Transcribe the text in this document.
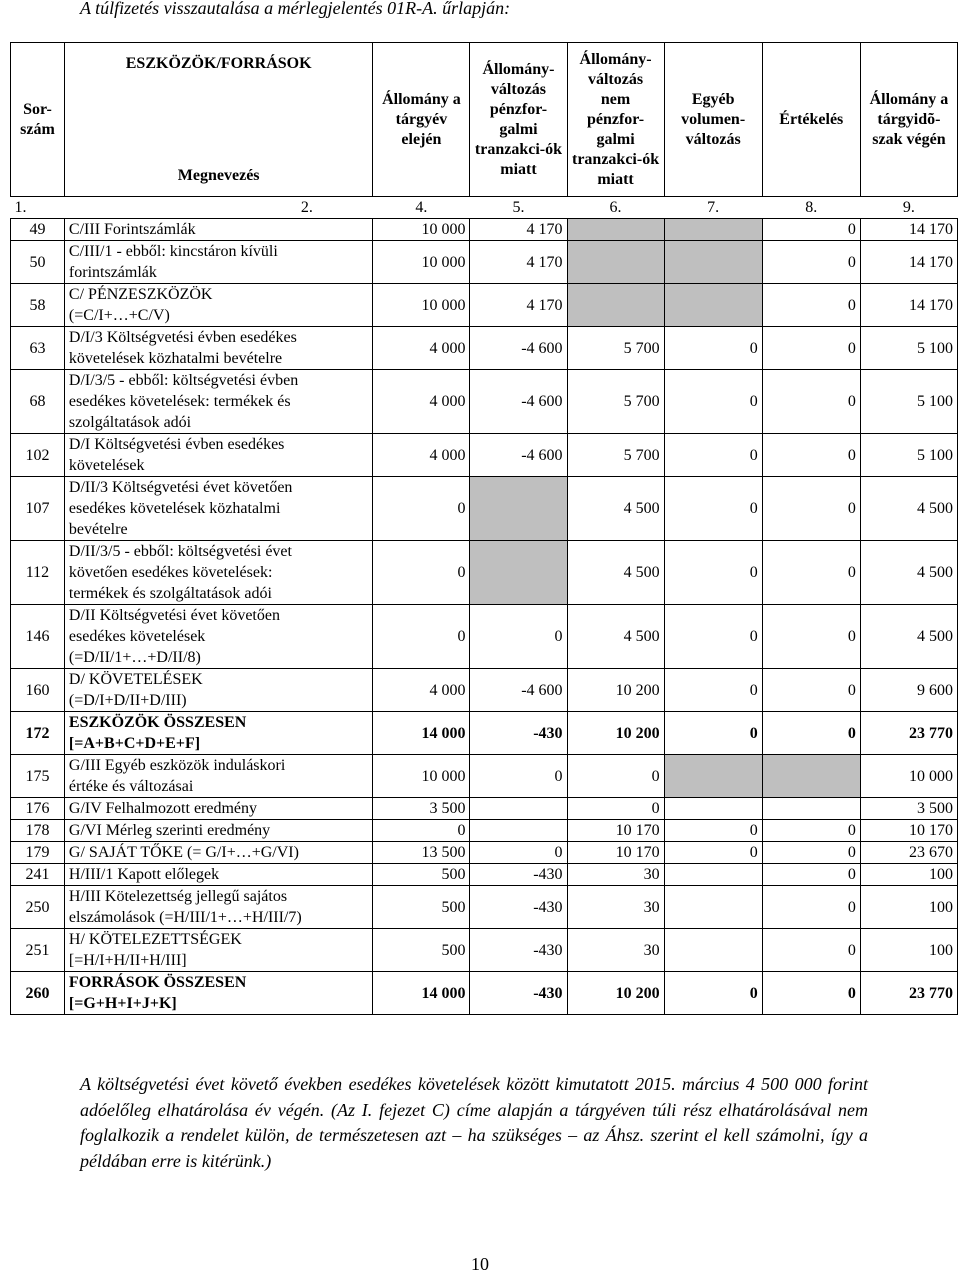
A túlfizetés visszautalása a mérlegjelentés 01R-A. űrlapján:
Sor-szám	ESZKÖZÖK/FORRÁSOK
Megnevezés	Állomány a tárgyév elején	Állomány-változás pénzfor-galmi tranzakci-ók miatt	Állomány-változás nem pénzfor-galmi tranzakci-ók miatt	Egyéb volumen-változás	Értékelés	Állomány a tárgyidõ-szak végén
1.	2.	4.	5.	6.	7.	8.	9.
49	C/III Forintszámlák	10 000	4 170			0	14 170
50	C/III/1 - ebből: kincstáron kívüli
forintszámlák	10 000	4 170			0	14 170
58	C/ PÉNZESZKÖZÖK
(=C/I+…+C/V)	10 000	4 170			0	14 170
63	D/I/3 Költségvetési évben esedékes
követelések közhatalmi bevételre	4 000	-4 600	5 700	0	0	5 100
68	D/I/3/5 - ebből: költségvetési évben
esedékes követelések: termékek és
szolgáltatások adói	4 000	-4 600	5 700	0	0	5 100
102	D/I Költségvetési évben esedékes
követelések	4 000	-4 600	5 700	0	0	5 100
107	D/II/3 Költségvetési évet követően
esedékes követelések közhatalmi
bevételre	0		4 500	0	0	4 500
112	D/II/3/5 - ebből: költségvetési évet
követően esedékes követelések:
termékek és szolgáltatások adói	0		4 500	0	0	4 500
146	D/II Költségvetési évet követően
esedékes követelések
(=D/II/1+…+D/II/8)	0	0	4 500	0	0	4 500
160	D/ KÖVETELÉSEK
(=D/I+D/II+D/III)	4 000	-4 600	10 200	0	0	9 600
172	ESZKÖZÖK ÖSSZESEN
[=A+B+C+D+E+F]	14 000	-430	10 200	0	0	23 770
175	G/III Egyéb eszközök induláskori
értéke és változásai	10 000	0	0			10 000
176	G/IV Felhalmozott eredmény	3 500		0			3 500
178	G/VI Mérleg szerinti eredmény	0		10 170	0	0	10 170
179	G/ SAJÁT TŐKE (= G/I+…+G/VI)	13 500	0	10 170	0	0	23 670
241	H/III/1 Kapott előlegek	500	-430	30		0	100
250	H/III Kötelezettség jellegű sajátos
elszámolások (=H/III/1+…+H/III/7)	500	-430	30		0	100
251	H/ KÖTELEZETTSÉGEK
[=H/I+H/II+H/III]	500	-430	30		0	100
260	FORRÁSOK ÖSSZESEN
[=G+H+I+J+K]	14 000	-430	10 200	0	0	23 770
A költségvetési évet követő években esedékes követelések között kimutatott 2015. március 4 500 000 forint adóelőleg elhatárolása év végén. (Az I. fejezet C) címe alapján a tárgyéven túli rész elhatárolásával nem foglalkozik a rendelet külön, de természetesen azt – ha szükséges – az Áhsz. szerint el kell számolni, így a példában erre is kitérünk.)
10
